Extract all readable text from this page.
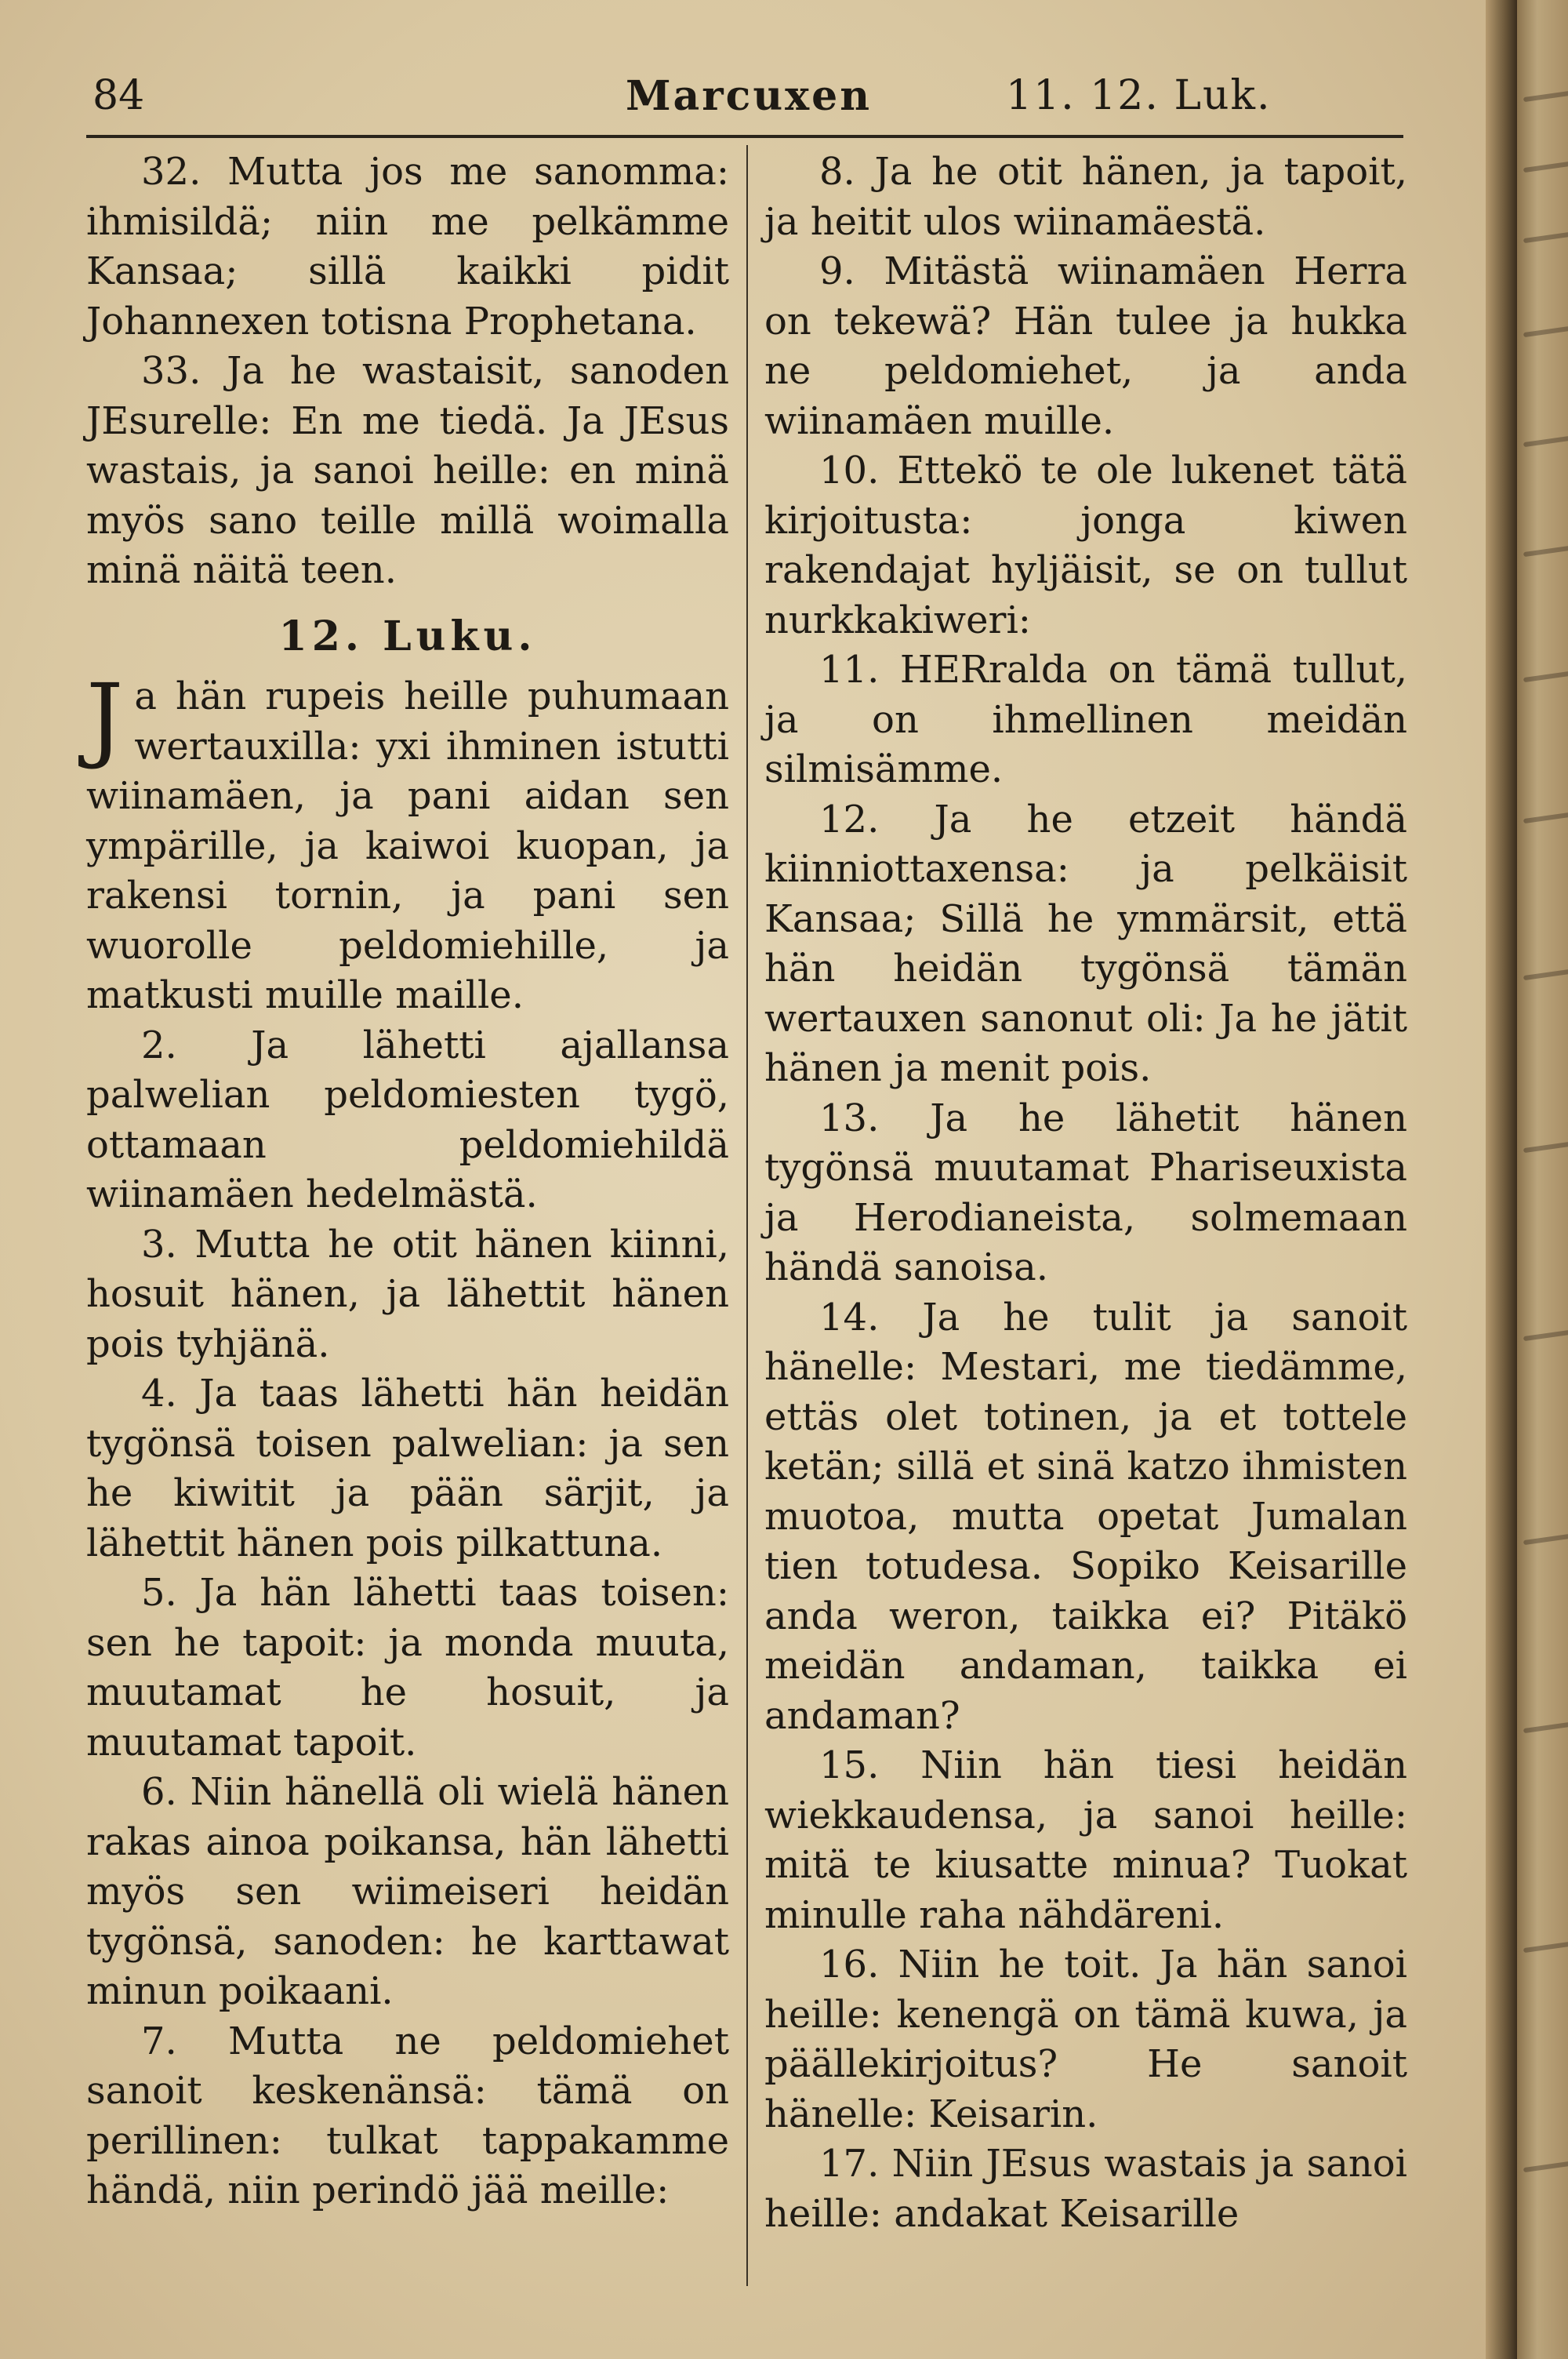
84	Marcuxen	11. 12. Luk.

32. Mutta jos me sanomma: ihmisildä; niin me pelkämme Kansaa; sillä kaikki pidit Johannexen totisna Prophetana.

33. Ja he wastaisit, sanoden JEsurelle: En me tiedä. Ja JEsus wastais, ja sanoi heille: en minä myös sano teille millä woimalla minä näitä teen.

12. Luku.

Ja hän rupeis heille puhumaan wertauxilla: yxi ihminen istutti wiinamäen, ja pani aidan sen ympärille, ja kaiwoi kuopan, ja rakensi tornin, ja pani sen wuorolle peldomiehille, ja matkusti muille maille.

2. Ja lähetti ajallansa palwelian peldomiesten tygö, ottamaan peldomiehildä wiinamäen hedelmästä.

3. Mutta he otit hänen kiinni, hosuit hänen, ja lähettit hänen pois tyhjänä.

4. Ja taas lähetti hän heidän tygönsä toisen palwelian: ja sen he kiwitit ja pään särjit, ja lähettit hänen pois pilkattuna.

5. Ja hän lähetti taas toisen: sen he tapoit: ja monda muuta, muutamat he hosuit, ja muutamat tapoit.

6. Niin hänellä oli wielä hänen rakas ainoa poikansa, hän lähetti myös sen wiimeiseri heidän tygönsä, sanoden: he karttawat minun poikaani.

7. Mutta ne peldomiehet sanoit keskenänsä: tämä on perillinen: tulkat tappakamme händä, niin perindö jää meille:

8. Ja he otit hänen, ja tapoit, ja heitit ulos wiinamäestä.

9. Mitästä wiinamäen Herra on tekewä? Hän tulee ja hukka ne peldomiehet, ja anda wiinamäen muille.

10. Ettekö te ole lukenet tätä kirjoitusta: jonga kiwen rakendajat hyljäisit, se on tullut nurkkakiweri:

11. HERralda on tämä tullut, ja on ihmellinen meidän silmisämme.

12. Ja he etzeit händä kiinniottaxensa: ja pelkäisit Kansaa; Sillä he ymmärsit, että hän heidän tygönsä tämän wertauxen sanonut oli: Ja he jätit hänen ja menit pois.

13. Ja he lähetit hänen tygönsä muutamat Phariseuxista ja Herodianeista, solmemaan händä sanoisa.

14. Ja he tulit ja sanoit hänelle: Mestari, me tiedämme, ettäs olet totinen, ja et tottele ketän; sillä et sinä katzo ihmisten muotoa, mutta opetat Jumalan tien totudesa. Sopiko Keisarille anda weron, taikka ei? Pitäkö meidän andaman, taikka ei andaman?

15. Niin hän tiesi heidän wiekkaudensa, ja sanoi heille: mitä te kiusatte minua? Tuokat minulle raha nähdäreni.

16. Niin he toit. Ja hän sanoi heille: kenengä on tämä kuwa, ja päällekirjoitus? He sanoit hänelle: Keisarin.

17. Niin JEsus wastais ja sanoi heille: andakat Keisarille
